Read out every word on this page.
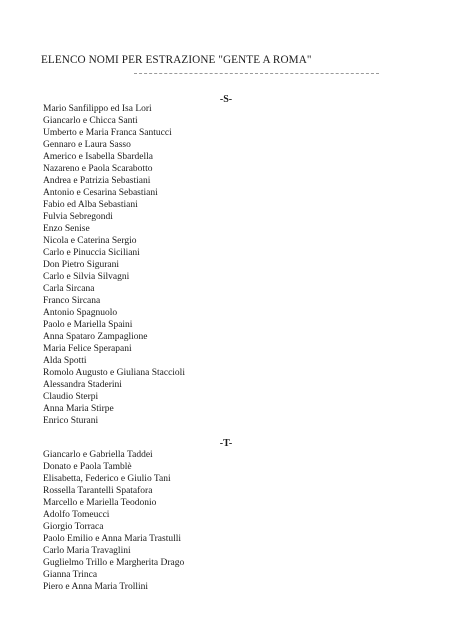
ELENCO NOMI PER ESTRAZIONE "GENTE A ROMA"
-S-
Mario Sanfilippo ed Isa Lori
Giancarlo e Chicca Santi
Umberto e Maria Franca Santucci
Gennaro e Laura Sasso
Americo e Isabella Sbardella
Nazareno e Paola Scarabotto
Andrea e Patrizia Sebastiani
Antonio e Cesarina Sebastiani
Fabio ed Alba Sebastiani
Fulvia Sebregondi
Enzo Senise
Nicola e Caterina Sergio
Carlo e Pinuccia Siciliani
Don Pietro Sigurani
Carlo e Silvia Silvagni
Carla Sircana
Franco Sircana
Antonio Spagnuolo
Paolo e Mariella Spaini
Anna Spataro Zampaglione
Maria Felice Sperapani
Alda Spotti
Romolo Augusto e Giuliana Staccioli
Alessandra Staderini
Claudio Sterpi
Anna Maria Stirpe
Enrico Sturani
-T-
Giancarlo e Gabriella Taddei
Donato e Paola Tamblè
Elisabetta, Federico e Giulio Tani
Rossella Tarantelli Spatafora
Marcello e Mariella Teodonio
Adolfo Tomeucci
Giorgio Torraca
Paolo Emilio e Anna Maria Trastulli
Carlo Maria Travaglini
Guglielmo Trillo e Margherita Drago
Gianna Trinca
Piero e Anna Maria Trollini
